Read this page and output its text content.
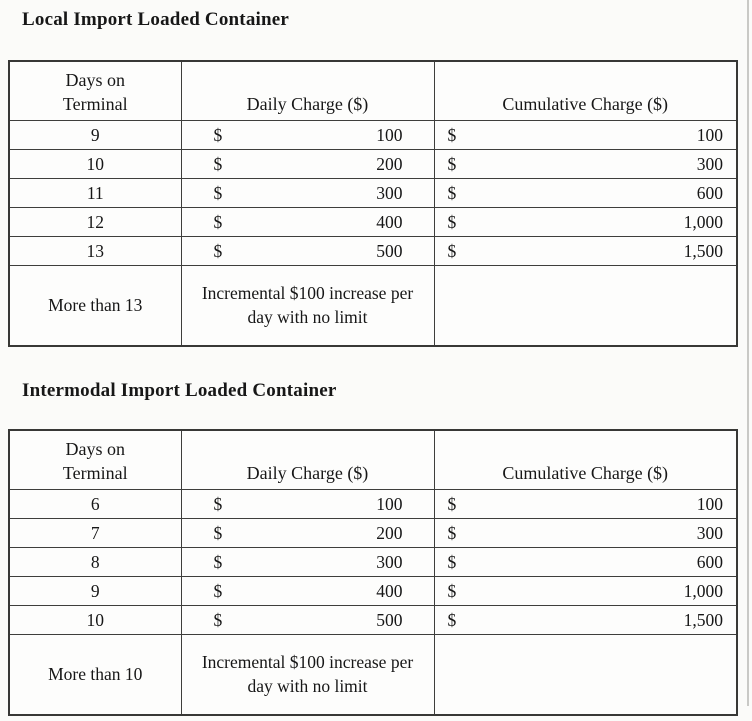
Local Import Loaded Container
Days on
Terminal	Daily Charge ($)	Cumulative Charge ($)
9	$ 100	$ 100

10	$ 200	$ 300

11	$ 300	$ 600

12	$ 400	$ 1,000

13	$ 500	$ 1,500

More than 13	Incremental $100 increase per day with no limit	

Intermodal Import Loaded Container
Days on
Terminal	Daily Charge ($)	Cumulative Charge ($)
6	$ 100	$ 100

7	$ 200	$ 300

8	$ 300	$ 600

9	$ 400	$ 1,000

10	$ 500	$ 1,500

More than 10	Incremental $100 increase per day with no limit	
